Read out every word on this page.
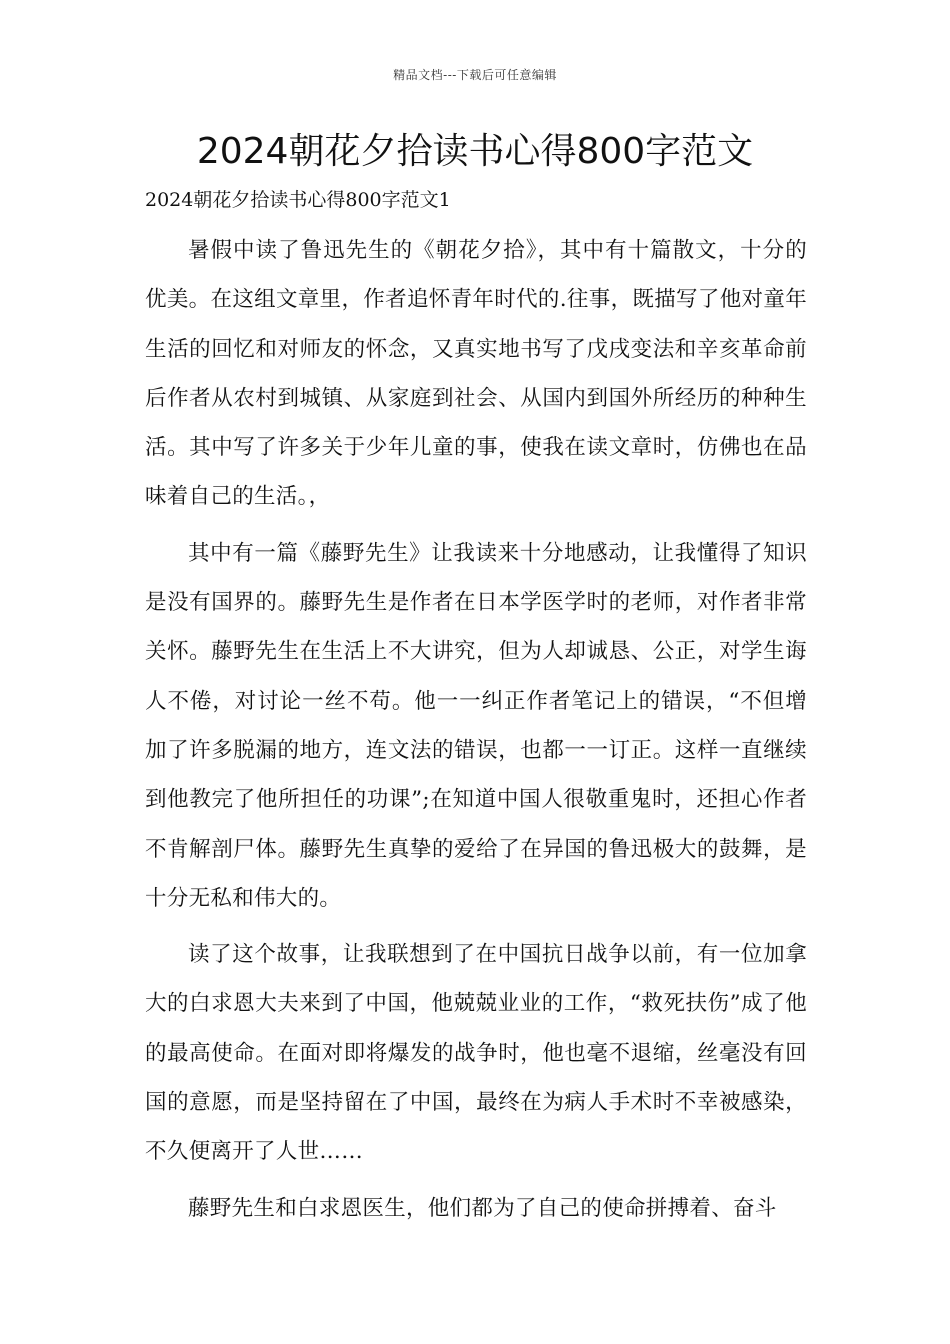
精品文档---下载后可任意编辑
2024朝花夕拾读书心得800字范文

2024朝花夕拾读书心得800字范文1

暑假中读了鲁迅先生的《朝花夕拾》，其中有十篇散文，十分的优美。在这组文章里，作者追怀青年时代的.往事，既描写了他对童年生活的回忆和对师友的怀念，又真实地书写了戊戌变法和辛亥革命前后作者从农村到城镇、从家庭到社会、从国内到国外所经历的种种生活。其中写了许多关于少年儿童的事，使我在读文章时，仿佛也在品味着自己的生活。，

其中有一篇《藤野先生》让我读来十分地感动，让我懂得了知识是没有国界的。藤野先生是作者在日本学医学时的老师，对作者非常关怀。藤野先生在生活上不大讲究，但为人却诚恳、公正，对学生诲人不倦，对讨论一丝不苟。他一一纠正作者笔记上的错误，“不但增加了许多脱漏的地方，连文法的错误，也都一一订正。这样一直继续到他教完了他所担任的功课”;在知道中国人很敬重鬼时，还担心作者不肯解剖尸体。藤野先生真挚的爱给了在异国的鲁迅极大的鼓舞，是十分无私和伟大的。

读了这个故事，让我联想到了在中国抗日战争以前，有一位加拿大的白求恩大夫来到了中国，他兢兢业业的工作，“救死扶伤”成了他的最高使命。在面对即将爆发的战争时，他也毫不退缩，丝毫没有回国的意愿，而是坚持留在了中国，最终在为病人手术时不幸被感染，不久便离开了人世……

藤野先生和白求恩医生，他们都为了自己的使命拼搏着、奋斗
